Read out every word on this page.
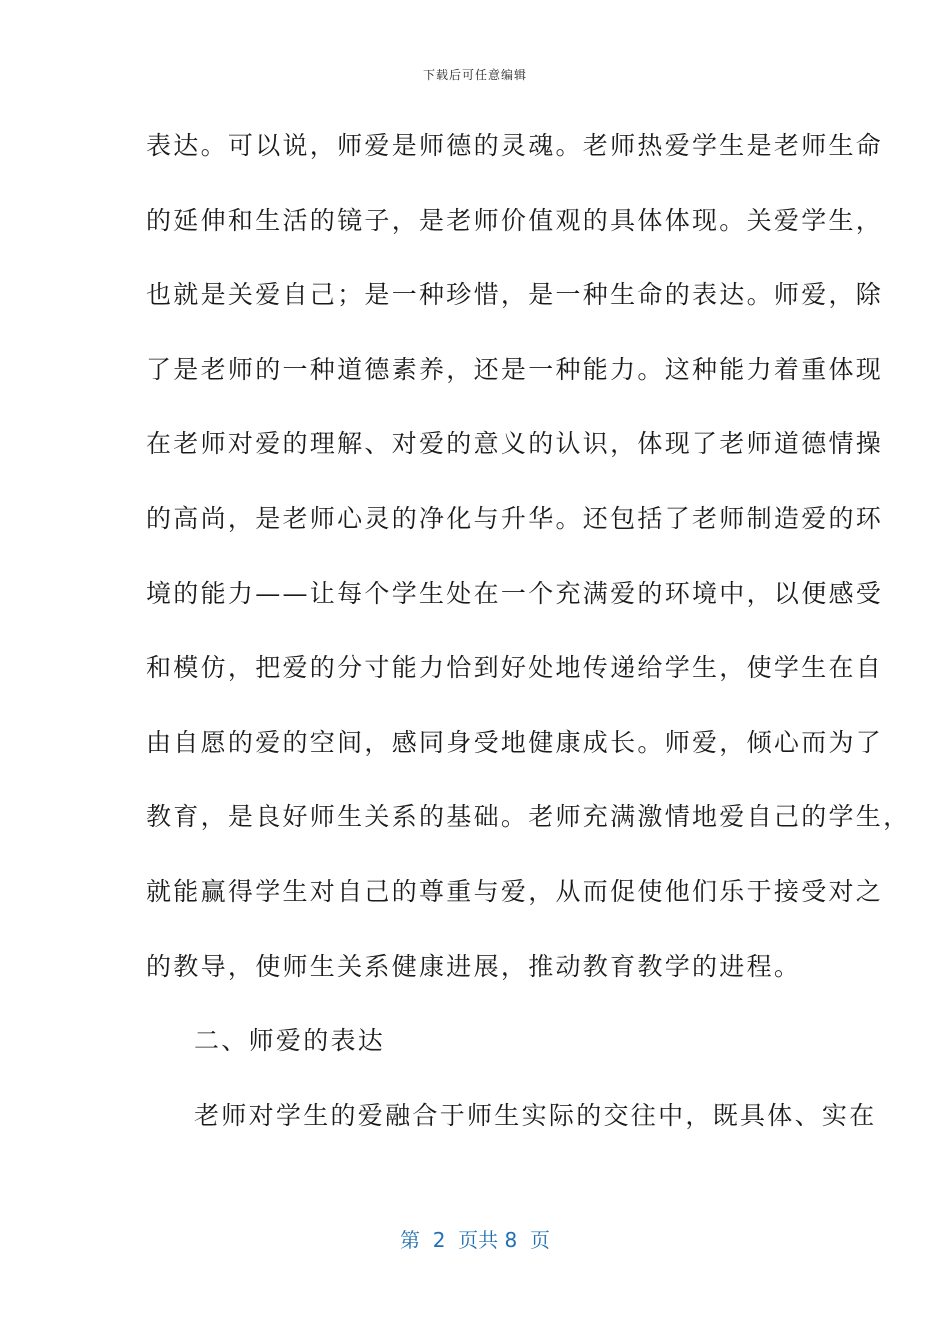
下载后可任意编辑
表达。可以说，师爱是师德的灵魂。老师热爱学生是老师生命
的延伸和生活的镜子，是老师价值观的具体体现。关爱学生，
也就是关爱自己；是一种珍惜，是一种生命的表达。师爱，除
了是老师的一种道德素养，还是一种能力。这种能力着重体现
在老师对爱的理解、对爱的意义的认识，体现了老师道德情操
的高尚，是老师心灵的净化与升华。还包括了老师制造爱的环
境的能力——让每个学生处在一个充满爱的环境中，以便感受
和模仿，把爱的分寸能力恰到好处地传递给学生，使学生在自
由自愿的爱的空间，感同身受地健康成长。师爱，倾心而为了
教育，是良好师生关系的基础。老师充满激情地爱自己的学生，
就能赢得学生对自己的尊重与爱，从而促使他们乐于接受对之
的教导，使师生关系健康进展，推动教育教学的进程。
二、师爱的表达
老师对学生的爱融合于师生实际的交往中，既具体、实在
第  2  页共 8  页
